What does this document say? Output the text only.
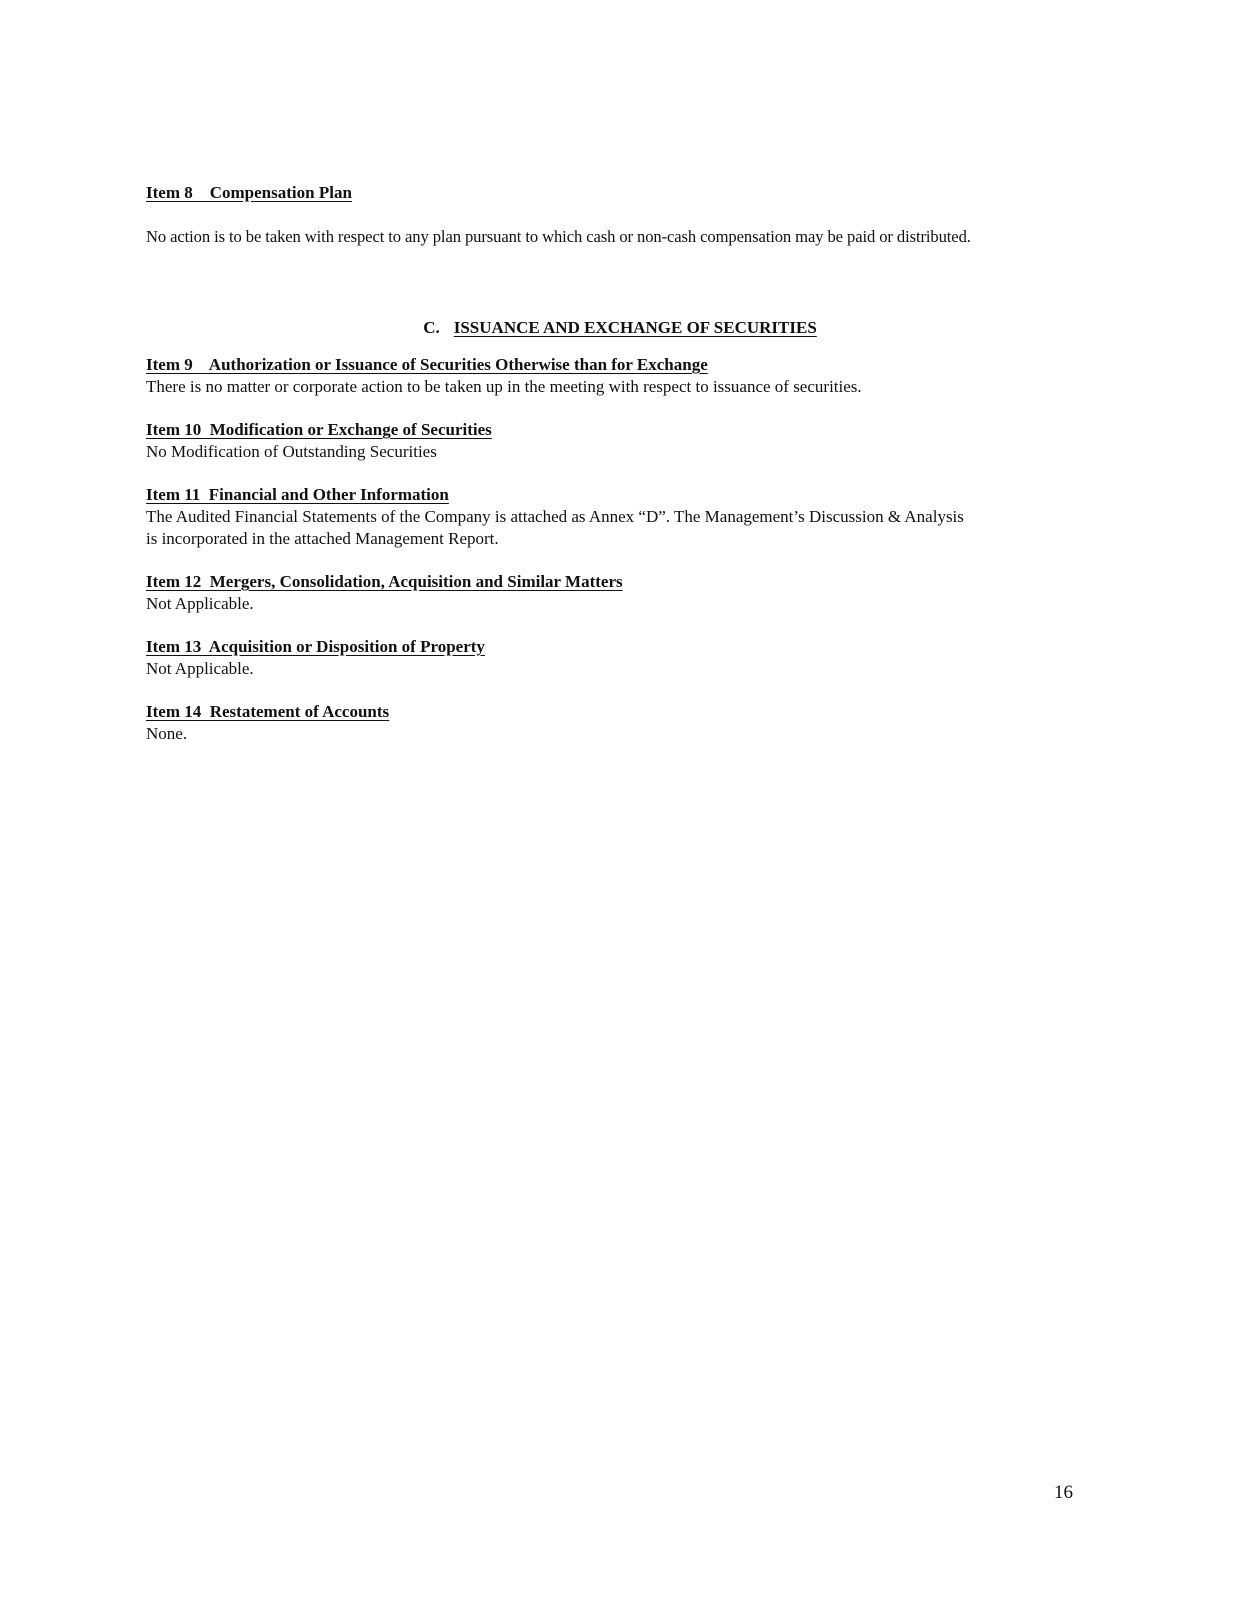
Item 8    Compensation Plan
No action is to be taken with respect to any plan pursuant to which cash or non-cash compensation may be paid or distributed.
C. ISSUANCE AND EXCHANGE OF SECURITIES
Item 9    Authorization or Issuance of Securities Otherwise than for Exchange
There is no matter or corporate action to be taken up in the meeting with respect to issuance of securities.
Item 10  Modification or Exchange of Securities
No Modification of Outstanding Securities
Item 11  Financial and Other Information
The Audited Financial Statements of the Company is attached as Annex “D”. The Management’s Discussion & Analysis
is incorporated in the attached Management Report.
Item 12  Mergers, Consolidation, Acquisition and Similar Matters
Not Applicable.
Item 13  Acquisition or Disposition of Property
Not Applicable.
Item 14  Restatement of Accounts
None.
16
